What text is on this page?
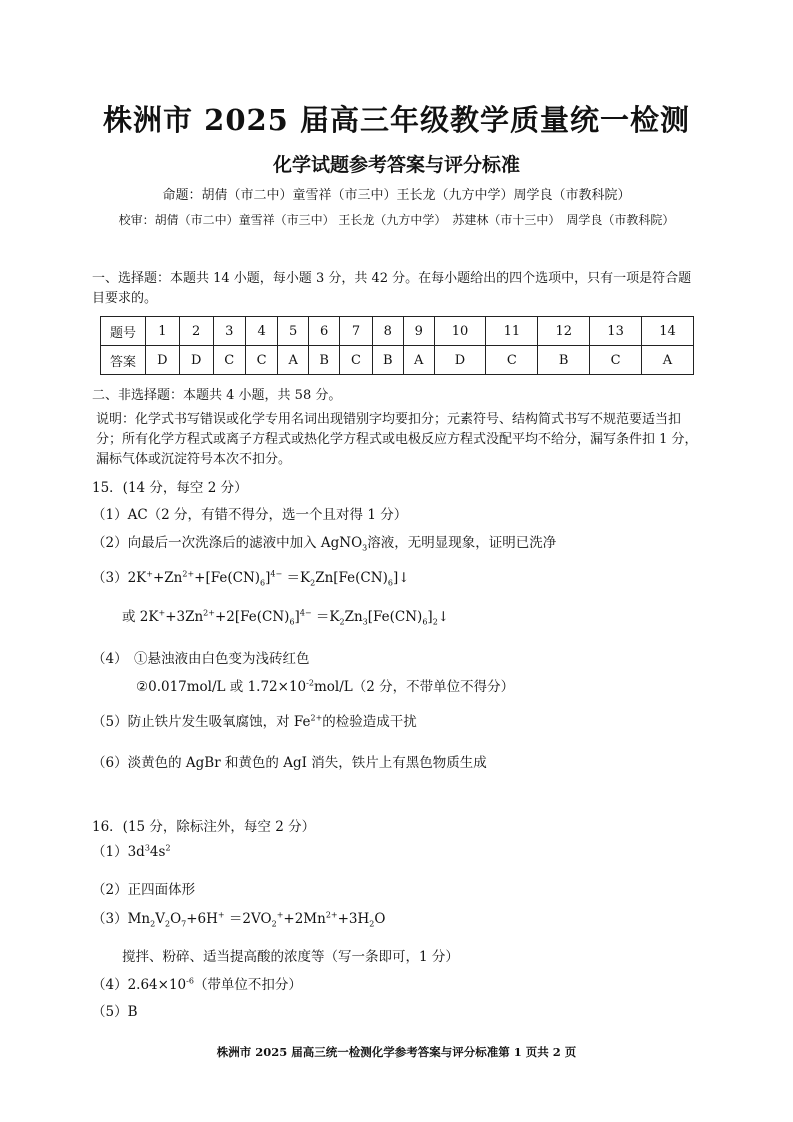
株洲市 2025 届高三年级教学质量统一检测
化学试题参考答案与评分标准
命题：胡倩（市二中）童雪祥（市三中）王长龙（九方中学）周学良（市教科院）
校审：胡倩（市二中）童雪祥（市三中） 王长龙（九方中学）　苏建林（市十三中）　周学良（市教科院）
一、选择题：本题共 14 小题，每小题 3 分，共 42 分。在每小题给出的四个选项中，只有一项是符合题目要求的。
题号	1	2	3	4	5	6	7	8	9	10	11	12	13	14
答案	D	D	C	C	A	B	C	B	A	D	C	B	C	A
二、非选择题：本题共 4 小题，共 58 分。
说明：化学式书写错误或化学专用名词出现错别字均要扣分；元素符号、结构简式书写不规范要适当扣分；所有化学方程式或离子方程式或热化学方程式或电极反应方程式没配平均不给分，漏写条件扣 1 分，漏标气体或沉淀符号本次不扣分。
15．(14 分，每空 2 分）
（1）AC（2 分，有错不得分，选一个且对得 1 分）
（2）向最后一次洗涤后的滤液中加入 AgNO$_3$溶液，无明显现象，证明已洗净
$(3)2K^++Zn^{2+}+[Fe(CN)_6]^{4-}$ $=K_2Zn[Fe(CN)_6]↓$
或 $2K^++3Zn^{2+}+2[Fe(CN)_6]^{4-}$ $=K_2Zn_3[Fe(CN)_6]_2↓$
（4） ①悬浊液由白色变为浅砖红色
②0.017mol/L 或 $1.72\times 10^{-2}mol/L(2$ 分，不带单位不得分）
（5）防止铁片发生吸氧腐蚀，对 $Fe^{2+}$的检验造成干扰
（6）淡黄色的 AgBr 和黄色的 AgI 消失，铁片上有黑色物质生成
16．(15 分，除标注外，每空 2 分）
$(1)3d^34s^2$
（2）正四面体形
$(3)Mn_2V_2O_7+6H^+ =2VO_2^++2Mn^{2+}+3H_2O$
搅拌、粉碎、适当提高酸的浓度等（写一条即可，1 分）
$(4)2.64\times 10^{-6}$（带单位不扣分）
（5）B
株洲市 2025 届高三统一检测化学参考答案与评分标准第 1 页共 2 页
